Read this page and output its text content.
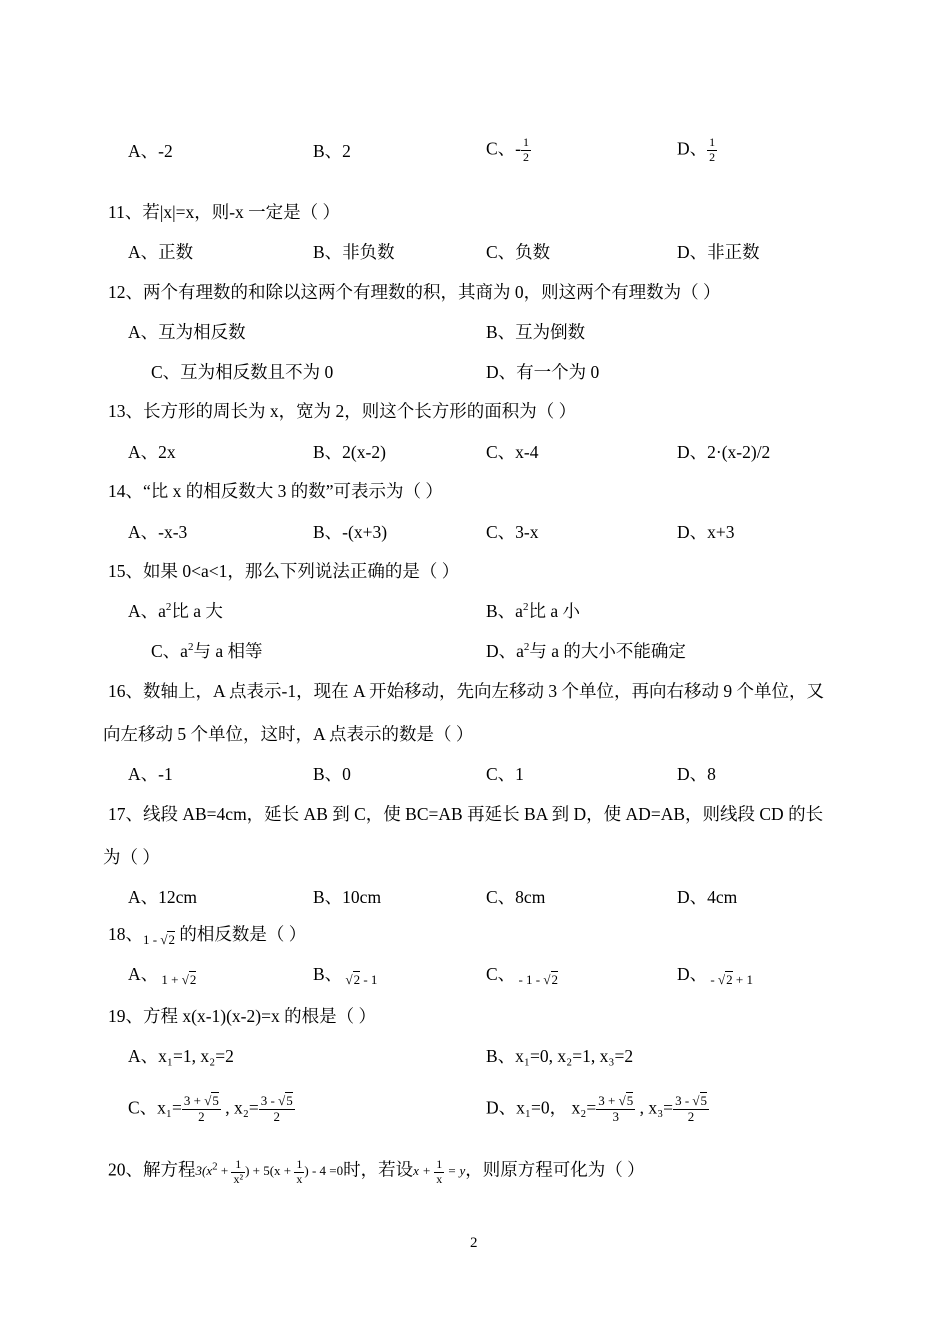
A、-2	B、2	C、- $\frac{1}{2}$	D、 $\frac{1}{2}$
11、若|x|=x，则-x 一定是（ ）
A、正数	B、非负数	C、负数	D、非正数
12、两个有理数的和除以这两个有理数的积，其商为 0，则这两个有理数为（ ）
A、互为相反数	B、互为倒数
C、互为相反数且不为 0	D、有一个为 0
13、长方形的周长为 x，宽为 2，则这个长方形的面积为（ ）
A、2x	B、2(x-2)	C、x-4	D、2·(x-2)/2
14、“比 x 的相反数大 3 的数”可表示为（ ）
A、-x-3	B、-(x+3)	C、3-x	D、x+3
15、如果 0<a<1，那么下列说法正确的是（ ）
A、$a^2$比 a 大	B、$a^2$比 a 小
C、$a^2$与 a 相等	D、$a^2$与 a 的大小不能确定
16、数轴上，A 点表示-1，现在 A 开始移动，先向左移动 3 个单位，再向右移动 9 个单位，又
向左移动 5 个单位，这时，A 点表示的数是（ ）
A、-1	B、0	C、1	D、8
17、线段 AB=4cm，延长 AB 到 C，使 BC=AB 再延长 BA 到 D，使 AD=AB，则线段 CD 的长
为（ ）
A、12cm	B、10cm	C、8cm	D、4cm
18、$_{1 - √2}$ 的相反数是（ ）
A、 $_{1 + √2}$	B、 $_{√2 - 1}$	C、 $_{- 1 - √2}$	D、 $_{- √2 + 1}$
19、方程 x(x-1)(x-2)=x 的根是（ ）
A、x₁=1, x₂=2	B、x₁=0, x₂=1, x₃=2
C、$x_1= \frac{3 + √5}{2}$ , $x_2= \frac{3 - √5}{2}$	D、x₁=0， $x_2= \frac{3 + √5}{3}$ , $x_3= \frac{3 - √5}{2}$
20、解方程$3(x^2 + \frac{1}{\text{x²}}$ ) + $5(x + \frac{1}{x}$ ) - 4 =0时，若设$x + \frac{1}{x} = y$，则原方程可化为（ ）
2
